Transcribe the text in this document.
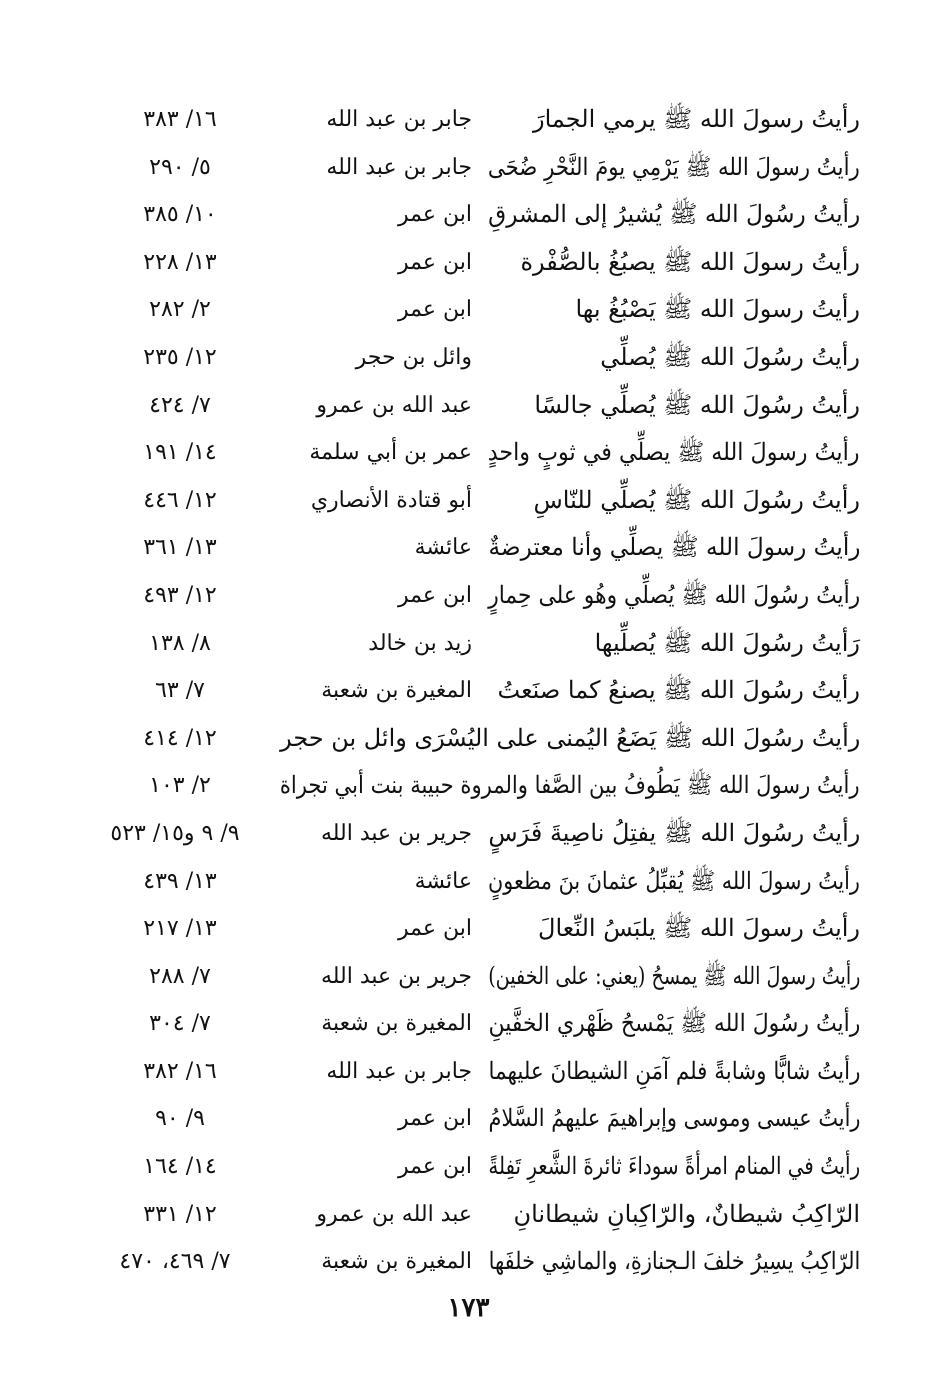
رأيتُ رسولَ الله ﷺ يرمي الجمارَ
جابر بن عبد الله
١٦/ ٣٨٣
رأيتُ رسولَ الله ﷺ يَرْمِي يومَ النَّحْرِ ضُحَى
جابر بن عبد الله
٥/ ٢٩٠
رأيتُ رسُولَ الله ﷺ يُشيرُ إلى المشرقِ
ابن عمر
١٠/ ٣٨٥
رأيتُ رسولَ الله ﷺ يصبُغُ بالصُّفْرة
ابن عمر
١٣/ ٢٢٨
رأيتُ رسولَ الله ﷺ يَصْبُغُ بها
ابن عمر
٢/ ٢٨٢
رأيتُ رسُولَ الله ﷺ يُصلِّي
وائل بن حجر
١٢/ ٢٣٥
رأيتُ رسُولَ الله ﷺ يُصلِّي جالسًا
عبد الله بن عمرو
٧/ ٤٢٤
رأيتُ رسولَ الله ﷺ يصلِّي في ثوبٍ واحدٍ
عمر بن أبي سلمة
١٤/ ١٩١
رأيتُ رسُولَ الله ﷺ يُصلِّي للنّاسِ
أبو قتادة الأنصاري
١٢/ ٤٤٦
رأيتُ رسولَ الله ﷺ يصلِّي وأنا معترضةٌ
عائشة
١٣/ ٣٦١
رأيتُ رسُولَ الله ﷺ يُصلِّي وهُو على حِمارٍ
ابن عمر
١٢/ ٤٩٣
رَأيتُ رسُولَ الله ﷺ يُصلِّيها
زيد بن خالد
٨/ ١٣٨
رأيتُ رسُولَ الله ﷺ يصنعُ كما صنَعتُ
المغيرة بن شعبة
٧/ ٦٣
رأيتُ رسُولَ الله ﷺ يَضَعُ اليُمنى على اليُسْرَى وائل بن حجر
١٢/ ٤١٤
رأيتُ رسولَ الله ﷺ يَطُوفُ بين الصَّفا والمروة حبيبة بنت أبي تجراة
٢/ ١٠٣
رأيتُ رسُولَ الله ﷺ يفتِلُ ناصِيةَ فَرَسٍ
جرير بن عبد الله
٩/ ٩ و١٥/ ٥٢٣
رأيتُ رسولَ الله ﷺ يُقبِّلُ عثمانَ بنَ مظعونٍ
عائشة
١٣/ ٤٣٩
رأيتُ رسولَ الله ﷺ يلبَسُ النِّعالَ
ابن عمر
١٣/ ٢١٧
رأيتُ رسولَ الله ﷺ يمسحُ (يعني: على الخفين)
جرير بن عبد الله
٧/ ٢٨٨
رأيتُ رسُولَ الله ﷺ يَمْسحُ ظَهْري الخفَّينِ
المغيرة بن شعبة
٧/ ٣٠٤
رأيتُ شابًّا وشابةً فلم آمَنِ الشيطانَ عليهما
جابر بن عبد الله
١٦/ ٣٨٢
رأيتُ عيسى وموسى وإبراهيمَ عليهمُ السَّلامُ
ابن عمر
٩/ ٩٠
رأيتُ في المنام امرأةً سوداءَ ثائرةَ الشَّعرِ تَفِلةً
ابن عمر
١٤/ ١٦٤
الرّاكِبُ شيطانٌ، والرّاكِبانِ شيطانانِ
عبد الله بن عمرو
١٢/ ٣٣١
الرّاكِبُ يسِيرُ خلفَ الـجنازةِ، والماشِي خلفَها
المغيرة بن شعبة
٧/ ٤٦٩، ٤٧٠
١٧٣
